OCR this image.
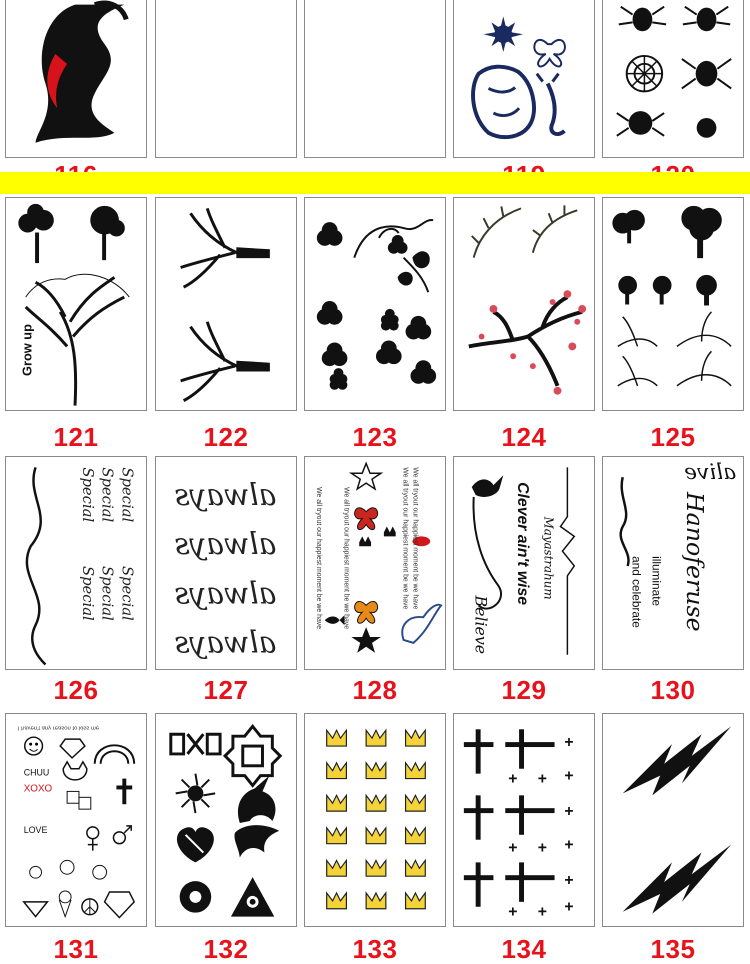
Grow up
121	122	123	124	125
Special Special
Special
Special Special
Special
126
always
always
always
always
127
We all tryout our happiest moment be we have	We all tryout our happiest moment be we have We all tryout our happiest moment be we have
We all tryout our happiest moment be we have
128
Believe
Clever ain't wise Mayastrahum
129
alive
Hanoferuse
illuminate
and celebrate
130
I haven't any reason to kiss me
CHUU
XOXO
LOVE
131	132	133
+
+
+
+
+
+
+ +
+ +
+ +
134	135
